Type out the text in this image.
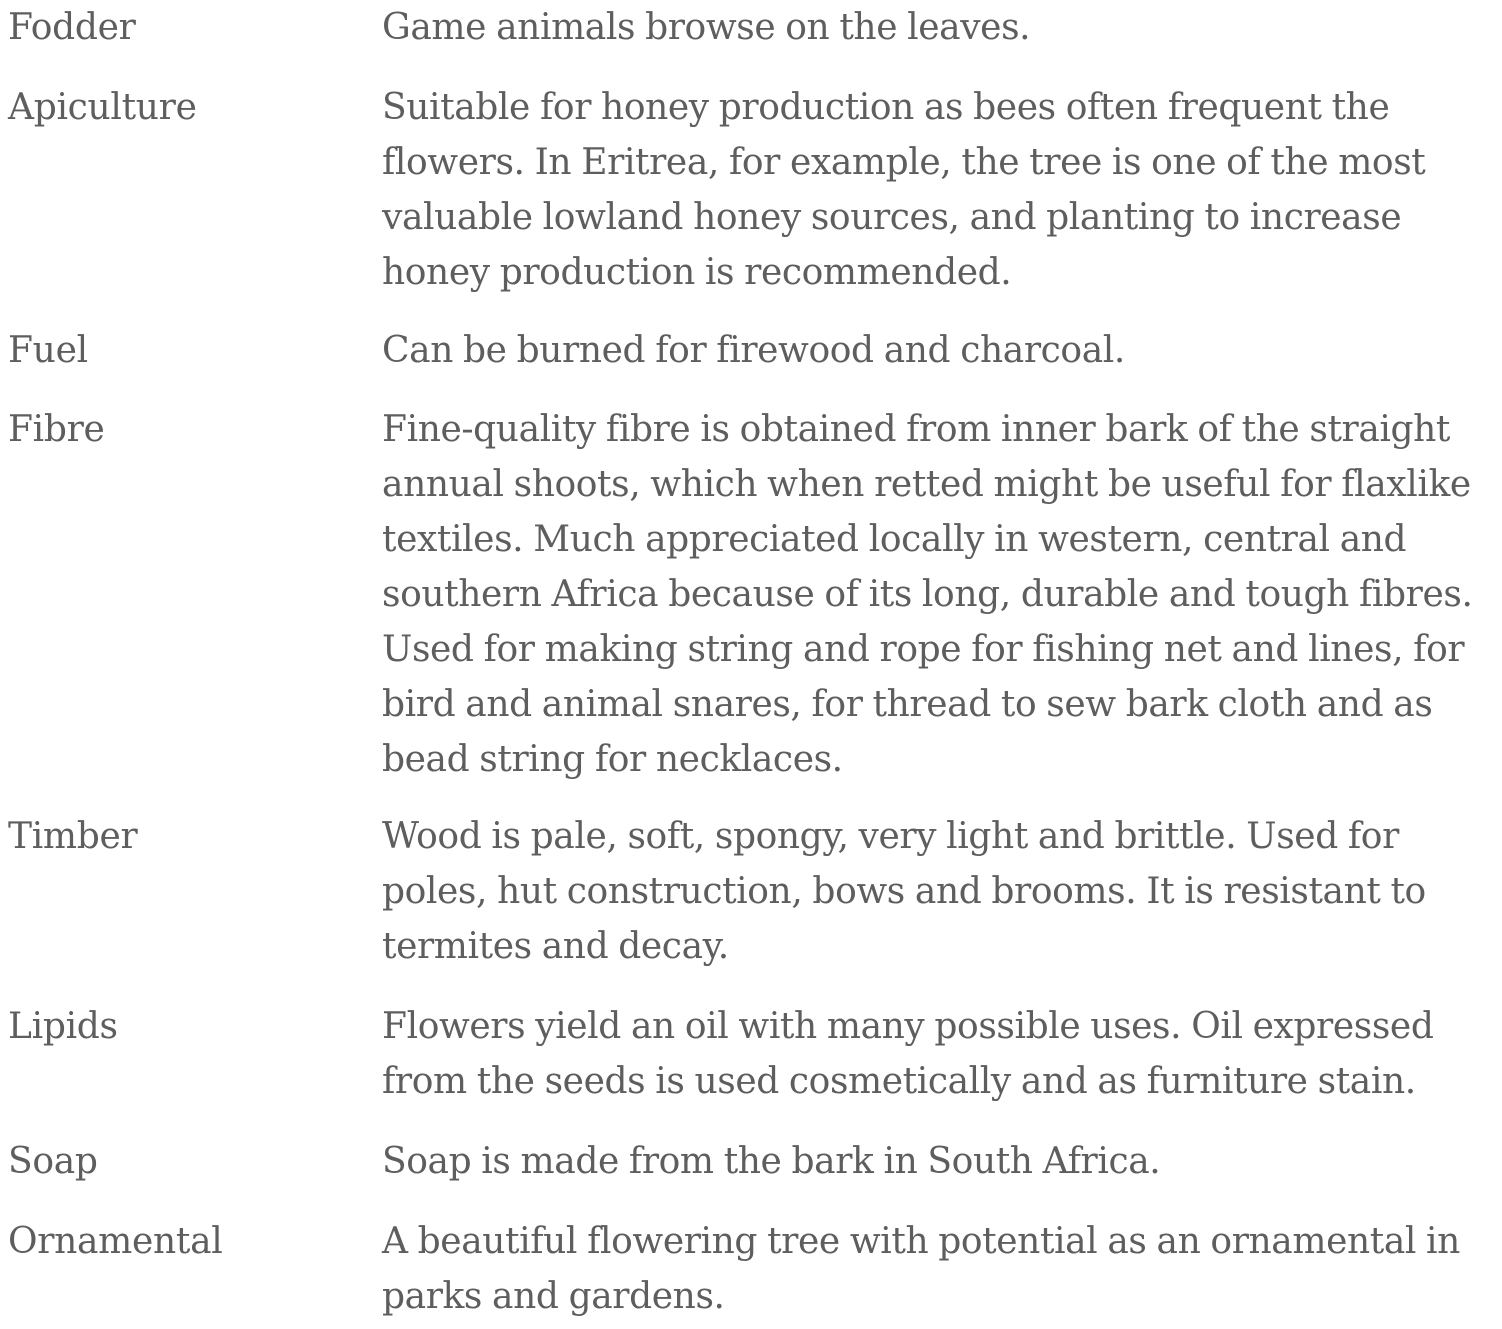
Fodder	Game animals browse on the leaves.
Apiculture	Suitable for honey production as bees often frequent the
flowers. In Eritrea, for example, the tree is one of the most
valuable lowland honey sources, and planting to increase
honey production is recommended.
Fuel	Can be burned for firewood and charcoal.
Fibre	Fine-quality fibre is obtained from inner bark of the straight
annual shoots, which when retted might be useful for flaxlike
textiles. Much appreciated locally in western, central and
southern Africa because of its long, durable and tough fibres.
Used for making string and rope for fishing net and lines, for
bird and animal snares, for thread to sew bark cloth and as
bead string for necklaces.
Timber	Wood is pale, soft, spongy, very light and brittle. Used for
poles, hut construction, bows and brooms. It is resistant to
termites and decay.
Lipids	Flowers yield an oil with many possible uses. Oil expressed
from the seeds is used cosmetically and as furniture stain.
Soap	Soap is made from the bark in South Africa.
Ornamental	A beautiful flowering tree with potential as an ornamental in
parks and gardens.
